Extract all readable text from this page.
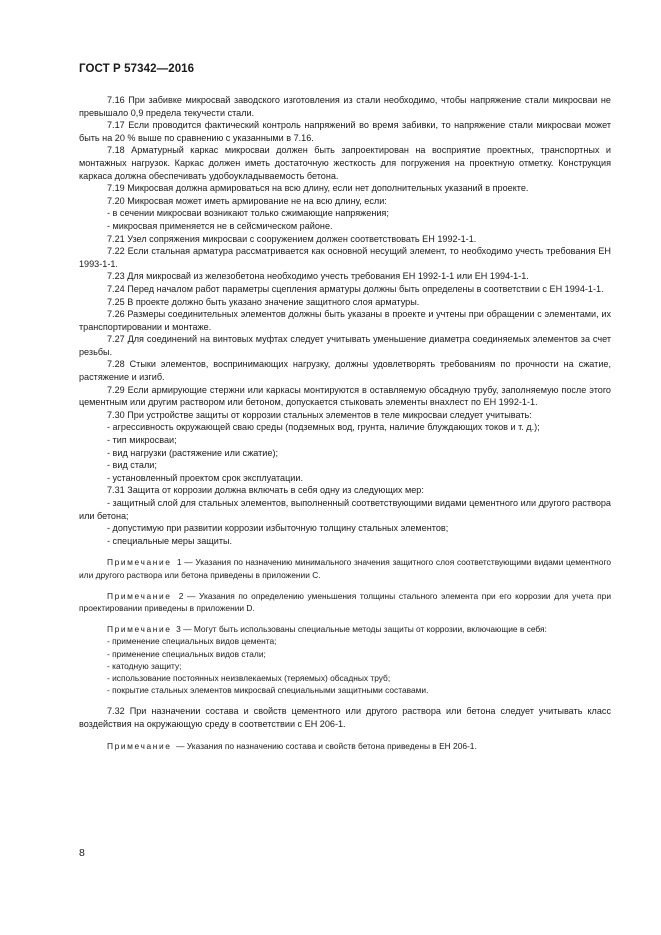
ГОСТ Р 57342—2016

7.16 При забивке микросвай заводского изготовления из стали необходимо, чтобы напряжение стали микросваи не превышало 0,9 предела текучести стали.

7.17 Если проводится фактический контроль напряжений во время забивки, то напряжение стали микросваи может быть на 20 % выше по сравнению с указанными в 7.16.

7.18 Арматурный каркас микросваи должен быть запроектирован на восприятие проектных, транспортных и монтажных нагрузок. Каркас должен иметь достаточную жесткость для погружения на проектную отметку. Конструкция каркаса должна обеспечивать удобоукладываемость бетона.

7.19 Микросвая должна армироваться на всю длину, если нет дополнительных указаний в проекте.

7.20 Микросвая может иметь армирование не на всю длину, если:

- в сечении микросваи возникают только сжимающие напряжения;

- микросвая применяется не в сейсмическом районе.

7.21 Узел сопряжения микросваи с сооружением должен соответствовать ЕН 1992-1-1.

7.22 Если стальная арматура рассматривается как основной несущий элемент, то необходимо учесть требования ЕН 1993-1-1.

7.23 Для микросвай из железобетона необходимо учесть требования ЕН 1992-1-1 или ЕН 1994-1-1.

7.24 Перед началом работ параметры сцепления арматуры должны быть определены в соответствии с ЕН 1994-1-1.

7.25 В проекте должно быть указано значение защитного слоя арматуры.

7.26 Размеры соединительных элементов должны быть указаны в проекте и учтены при обращении с элементами, их транспортировании и монтаже.

7.27 Для соединений на винтовых муфтах следует учитывать уменьшение диаметра соединяемых элементов за счет резьбы.

7.28 Стыки элементов, воспринимающих нагрузку, должны удовлетворять требованиям по прочности на сжатие, растяжение и изгиб.

7.29 Если армирующие стержни или каркасы монтируются в оставляемую обсадную трубу, заполняемую после этого цементным или другим раствором или бетоном, допускается стыковать элементы внахлест по ЕН 1992-1-1.

7.30 При устройстве защиты от коррозии стальных элементов в теле микросваи следует учитывать:

- агрессивность окружающей сваю среды (подземных вод, грунта, наличие блуждающих токов и т. д.);

- тип микросваи;

- вид нагрузки (растяжение или сжатие);

- вид стали;

- установленный проектом срок эксплуатации.

7.31 Защита от коррозии должна включать в себя одну из следующих мер:

- защитный слой для стальных элементов, выполненный соответствующими видами цементного или другого раствора или бетона;

- допустимую при развитии коррозии избыточную толщину стальных элементов;

- специальные меры защиты.

Примечание 1 — Указания по назначению минимального значения защитного слоя соответствующими видами цементного или другого раствора или бетона приведены в приложении С.

Примечание 2 — Указания по определению уменьшения толщины стального элемента при его коррозии для учета при проектировании приведены в приложении D.

Примечание 3 — Могут быть использованы специальные методы защиты от коррозии, включающие в себя:

- применение специальных видов цемента;

- применение специальных видов стали;

- катодную защиту;

- использование постоянных неизвлекаемых (теряемых) обсадных труб;

- покрытие стальных элементов микросвай специальными защитными составами.

7.32 При назначении состава и свойств цементного или другого раствора или бетона следует учитывать класс воздействия на окружающую среду в соответствии с ЕН 206-1.

Примечание — Указания по назначению состава и свойств бетона приведены в ЕН 206-1.

8
